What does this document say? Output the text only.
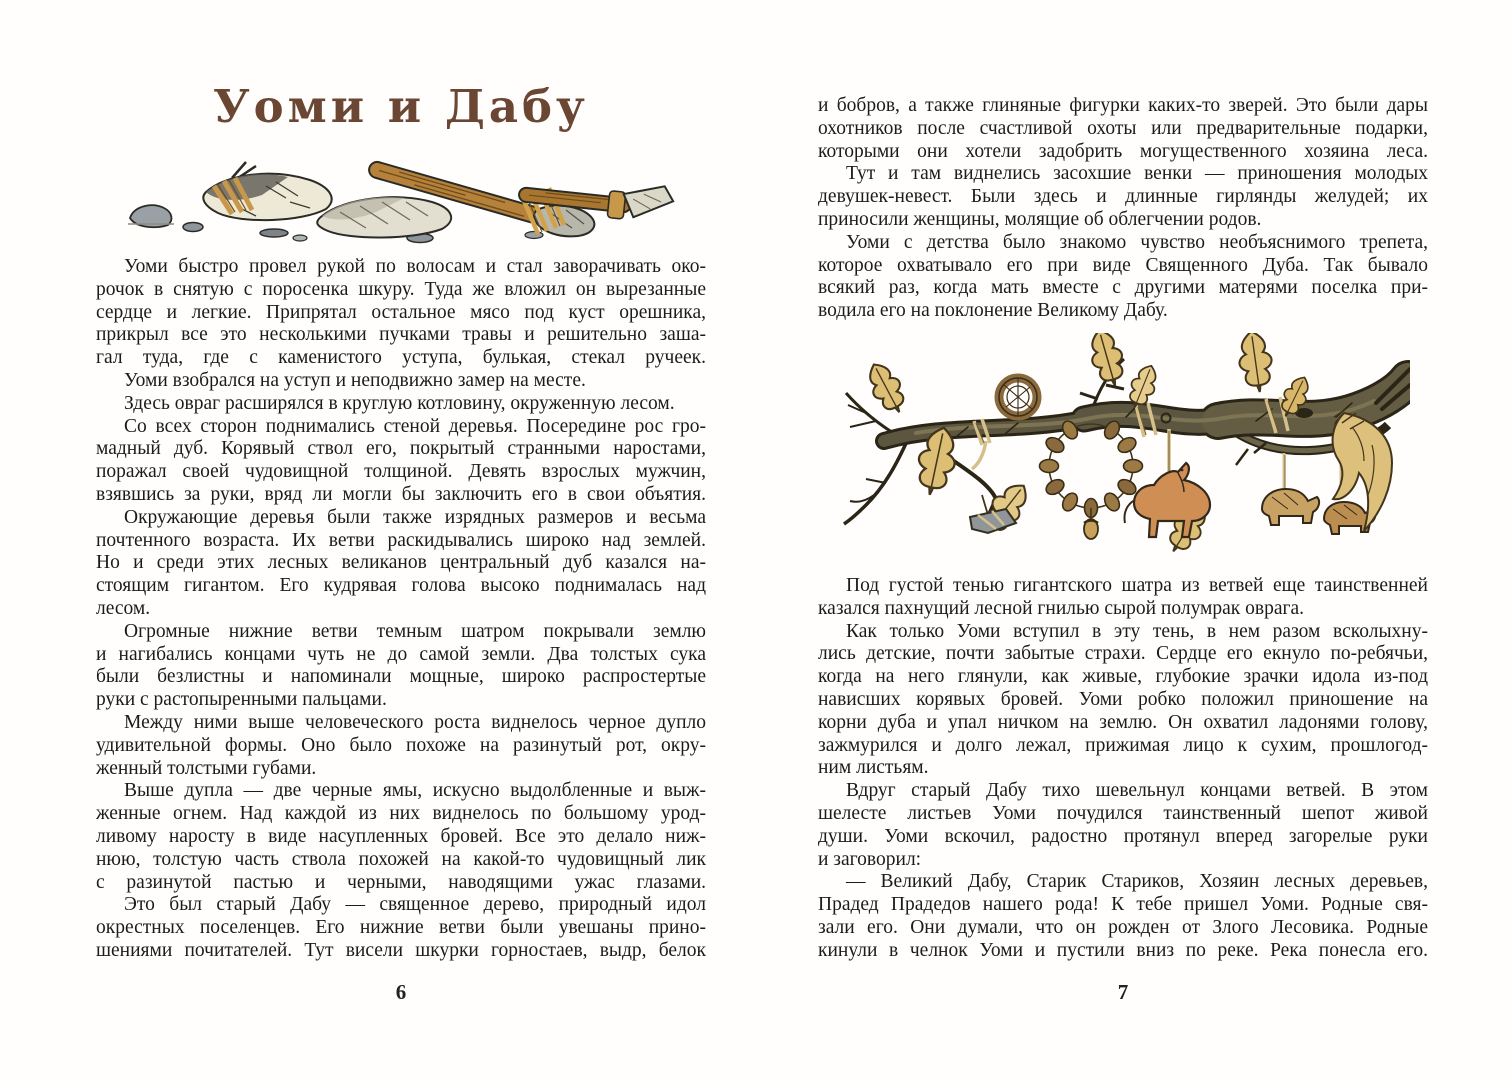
Уоми и Дабу
Уоми быстро провел рукой по волосам и стал заворачивать око-
рочок в снятую с поросенка шкуру. Туда же вложил он вырезанные
сердце и легкие. Припрятал остальное мясо под куст орешника,
прикрыл все это несколькими пучками травы и решительно заша-
гал туда, где с каменистого уступа, булькая, стекал ручеек.
Уоми взобрался на уступ и неподвижно замер на месте.
Здесь овраг расширялся в круглую котловину, окруженную лесом.
Со всех сторон поднимались стеной деревья. Посередине рос гро-
мадный дуб. Корявый ствол его, покрытый странными наростами,
поражал своей чудовищной толщиной. Девять взрослых мужчин,
взявшись за руки, вряд ли могли бы заключить его в свои объятия.
Окружающие деревья были также изрядных размеров и весьма
почтенного возраста. Их ветви раскидывались широко над землей.
Но и среди этих лесных великанов центральный дуб казался на-
стоящим гигантом. Его кудрявая голова высоко поднималась над
лесом.
Огромные нижние ветви темным шатром покрывали землю
и нагибались концами чуть не до самой земли. Два толстых сука
были безлистны и напоминали мощные, широко распростертые
руки с растопыренными пальцами.
Между ними выше человеческого роста виднелось черное дупло
удивительной формы. Оно было похоже на разинутый рот, окру-
женный толстыми губами.
Выше дупла — две черные ямы, искусно выдолбленные и выж-
женные огнем. Над каждой из них виднелось по большому урод-
ливому наросту в виде насупленных бровей. Все это делало ниж-
нюю, толстую часть ствола похожей на какой-то чудовищный лик
с разинутой пастью и черными, наводящими ужас глазами.
Это был старый Дабу — священное дерево, природный идол
окрестных поселенцев. Его нижние ветви были увешаны прино-
шениями почитателей. Тут висели шкурки горностаев, выдр, белок
6
и бобров, а также глиняные фигурки каких-то зверей. Это были дары
охотников после счастливой охоты или предварительные подарки,
которыми они хотели задобрить могущественного хозяина леса.
Тут и там виднелись засохшие венки — приношения молодых
девушек-невест. Были здесь и длинные гирлянды желудей; их
приносили женщины, молящие об облегчении родов.
Уоми с детства было знакомо чувство необъяснимого трепета,
которое охватывало его при виде Священного Дуба. Так бывало
всякий раз, когда мать вместе с другими матерями поселка при-
водила его на поклонение Великому Дабу.
Под густой тенью гигантского шатра из ветвей еще таинственней
казался пахнущий лесной гнилью сырой полумрак оврага.
Как только Уоми вступил в эту тень, в нем разом всколыхну-
лись детские, почти забытые страхи. Сердце его екнуло по-ребячьи,
когда на него глянули, как живые, глубокие зрачки идола из-под
нависших корявых бровей. Уоми робко положил приношение на
корни дуба и упал ничком на землю. Он охватил ладонями голову,
зажмурился и долго лежал, прижимая лицо к сухим, прошлогод-
ним листьям.
Вдруг старый Дабу тихо шевельнул концами ветвей. В этом
шелесте листьев Уоми почудился таинственный шепот живой
души. Уоми вскочил, радостно протянул вперед загорелые руки
и заговорил:
— Великий Дабу, Старик Стариков, Хозяин лесных деревьев,
Прадед Прадедов нашего рода! К тебе пришел Уоми. Родные свя-
зали его. Они думали, что он рожден от Злого Лесовика. Родные
кинули в челнок Уоми и пустили вниз по реке. Река понесла его.
7
